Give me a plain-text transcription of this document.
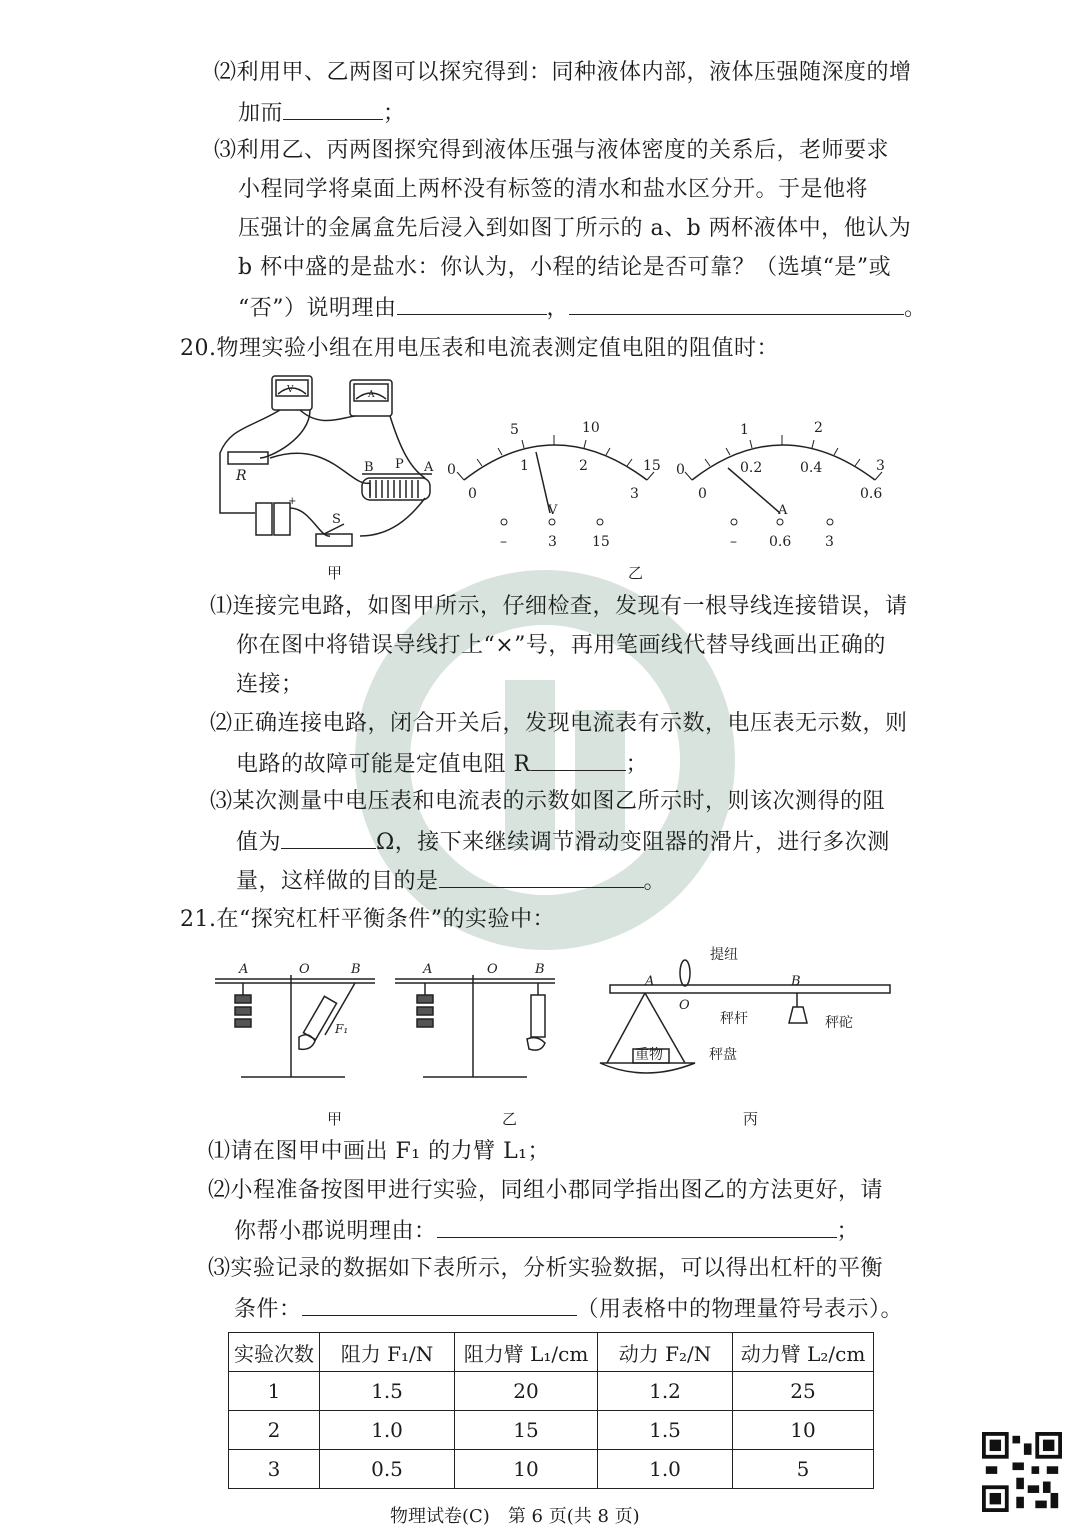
⑵利用甲、乙两图可以探究得到：同种液体内部，液体压强随深度的增
加而	；
⑶利用乙、丙两图探究得到液体压强与液体密度的关系后，老师要求
小程同学将桌面上两杯没有标签的清水和盐水区分开。于是他将
压强计的金属盒先后浸入到如图丁所示的 a、b 两杯液体中，他认为
b 杯中盛的是盐水：你认为，小程的结论是否可靠？（选填“是”或
“否”）说明理由	，	。
20.物理实验小组在用电压表和电流表测定值电阻的阻值时：
V	A
R
B P A
S
+
甲
0
5	10
15
0
1	2
3
V
–	3	15
0
1	2
3
0
0.2	0.4
0.6
A
– 0.6 3
乙
⑴连接完电路，如图甲所示，仔细检查，发现有一根导线连接错误，请
你在图中将错误导线打上“×”号，再用笔画线代替导线画出正确的
连接；
⑵正确连接电路，闭合开关后，发现电流表有示数，电压表无示数，则
电路的故障可能是定值电阻 R	；
⑶某次测量中电压表和电流表的示数如图乙所示时，则该次测得的阻
值为	Ω，接下来继续调节滑动变阻器的滑片，进行多次测
量，这样做的目的是	。
21.在“探究杠杆平衡条件”的实验中：
A	O	B
F₁
A	O	B
提纽
A
O
B
秤杆	秤砣
重物	秤盘
甲	乙	丙
⑴请在图甲中画出 F₁ 的力臂 L₁；
⑵小程准备按图甲进行实验，同组小郡同学指出图乙的方法更好，请
你帮小郡说明理由：	；
⑶实验记录的数据如下表所示，分析实验数据，可以得出杠杆的平衡
条件：	（用表格中的物理量符号表示）。
实验次数	阻力 F₁/N	阻力臂 L₁/cm	动力 F₂/N	动力臂 L₂/cm
1	1.5	20	1.2	25
2	1.0	15	1.5	10
3	0.5	10	1.0	5
物理试卷(C)　第 6 页(共 8 页)
